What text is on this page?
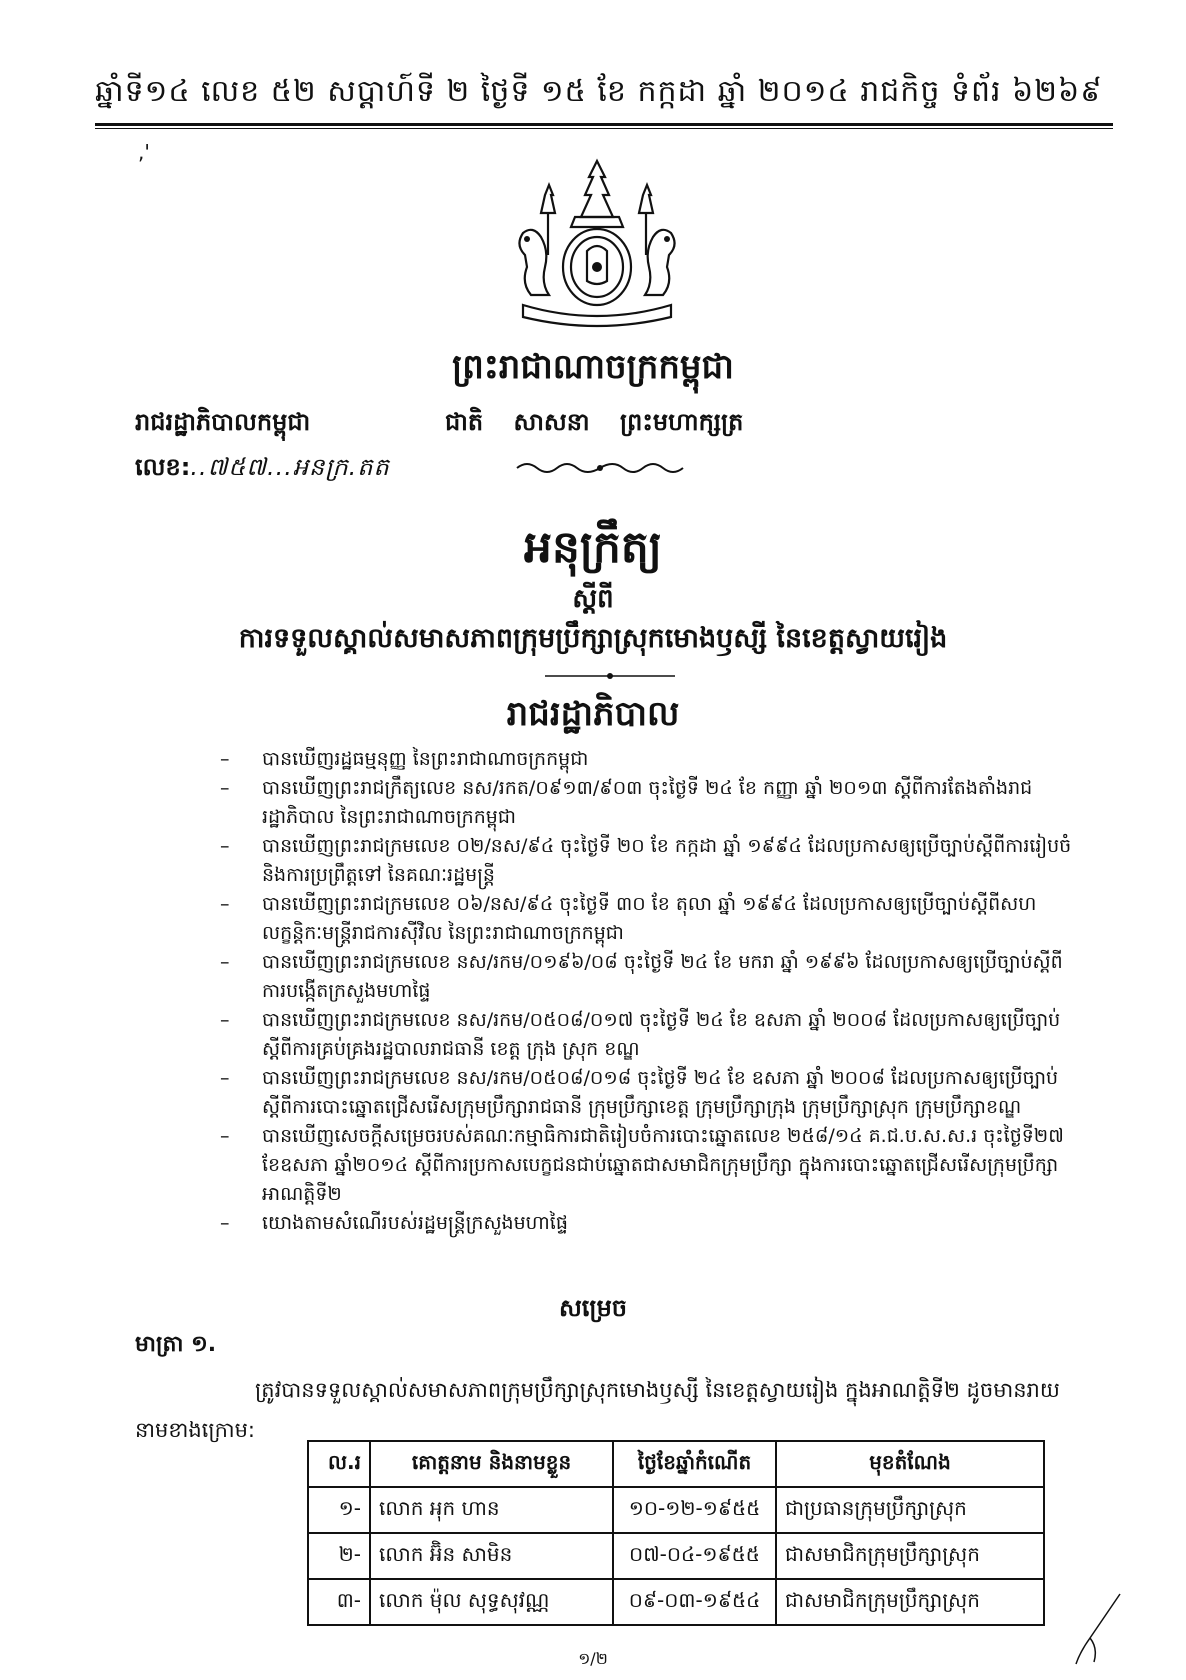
ឆ្នាំទី១៤ លេខ ៥២ សប្តាហ៍ទី ២ ថ្ងៃទី ១៥ ខែ កក្កដា ឆ្នាំ ២០១៤ រាជកិច្ច ទំព័រ ៦២៦៩
,'
ព្រះរាជាណាចក្រកម្ពុជា
រាជរដ្ឋាភិបាលកម្ពុជា	ជាតិ សាសនា ព្រះមហាក្សត្រ
លេខ:..៧៥៧...អនក្រ.តត
អនុក្រឹត្យ
ស្តីពី
ការទទួលស្គាល់សមាសភាពក្រុមប្រឹក្សាស្រុកមោងឫស្សី នៃខេត្តស្វាយរៀង
រាជរដ្ឋាភិបាល
– បានឃើញរដ្ឋធម្មនុញ្ញ នៃព្រះរាជាណាចក្រកម្ពុជា
– បានឃើញព្រះរាជក្រឹត្យលេខ នស/រកត/០៩១៣/៩០៣ ចុះថ្ងៃទី ២៤ ខែ កញ្ញា ឆ្នាំ ២០១៣ ស្តីពីការតែងតាំងរាជរដ្ឋាភិបាល នៃព្រះរាជាណាចក្រកម្ពុជា
– បានឃើញព្រះរាជក្រមលេខ ០២/នស/៩៤ ចុះថ្ងៃទី ២០ ខែ កក្កដា ឆ្នាំ ១៩៩៤ ដែលប្រកាសឲ្យប្រើច្បាប់ស្តីពីការរៀបចំ និងការប្រព្រឹត្តទៅ នៃគណៈរដ្ឋមន្ត្រី
– បានឃើញព្រះរាជក្រមលេខ ០៦/នស/៩៤ ចុះថ្ងៃទី ៣០ ខែ តុលា ឆ្នាំ ១៩៩៤ ដែលប្រកាសឲ្យប្រើច្បាប់ស្តីពីសហលក្ខន្តិកៈមន្ត្រីរាជការស៊ីវិល នៃព្រះរាជាណាចក្រកម្ពុជា
– បានឃើញព្រះរាជក្រមលេខ នស/រកម/០១៩៦/០៨ ចុះថ្ងៃទី ២៤ ខែ មករា ឆ្នាំ ១៩៩៦ ដែលប្រកាសឲ្យប្រើច្បាប់ស្តីពីការបង្កើតក្រសួងមហាផ្ទៃ
– បានឃើញព្រះរាជក្រមលេខ នស/រកម/០៥០៨/០១៧ ចុះថ្ងៃទី ២៤ ខែ ឧសភា ឆ្នាំ ២០០៨ ដែលប្រកាសឲ្យប្រើច្បាប់ស្តីពីការគ្រប់គ្រងរដ្ឋបាលរាជធានី ខេត្ត ក្រុង ស្រុក ខណ្ឌ
– បានឃើញព្រះរាជក្រមលេខ នស/រកម/០៥០៨/០១៨ ចុះថ្ងៃទី ២៤ ខែ ឧសភា ឆ្នាំ ២០០៨ ដែលប្រកាសឲ្យប្រើច្បាប់ស្តីពីការបោះឆ្នោតជ្រើសរើសក្រុមប្រឹក្សារាជធានី ក្រុមប្រឹក្សាខេត្ត ក្រុមប្រឹក្សាក្រុង ក្រុមប្រឹក្សាស្រុក ក្រុមប្រឹក្សាខណ្ឌ
– បានឃើញសេចក្តីសម្រេចរបស់គណៈកម្មាធិការជាតិរៀបចំការបោះឆ្នោតលេខ ២៥៨/១៤ គ.ជ.ប.ស.ស.រ ចុះថ្ងៃទី២៧ ខែឧសភា ឆ្នាំ២០១៤ ស្តីពីការប្រកាសបេក្ខជនជាប់ឆ្នោតជាសមាជិកក្រុមប្រឹក្សា ក្នុងការបោះឆ្នោតជ្រើសរើសក្រុមប្រឹក្សា អាណត្តិទី២
– យោងតាមសំណើរបស់រដ្ឋមន្ត្រីក្រសួងមហាផ្ទៃ
សម្រេច
មាត្រា ១.
ត្រូវបានទទួលស្គាល់សមាសភាពក្រុមប្រឹក្សាស្រុកមោងឫស្សី នៃខេត្តស្វាយរៀង ក្នុងអាណត្តិទី២ ដូចមានរាយនាមខាងក្រោម:
ល.រ	គោត្តនាម និងនាមខ្លួន	ថ្ងៃខែឆ្នាំកំណើត	មុខតំណែង
១-	លោក អុក ហាន	១០-១២-១៩៥៥	ជាប្រធានក្រុមប្រឹក្សាស្រុក
២-	លោក អ៊ិន សាមិន	០៧-០៤-១៩៥៥	ជាសមាជិកក្រុមប្រឹក្សាស្រុក
៣-	លោក ម៉ុល សុទ្ធសុវណ្ណ	០៩-០៣-១៩៥៤	ជាសមាជិកក្រុមប្រឹក្សាស្រុក
១/២
